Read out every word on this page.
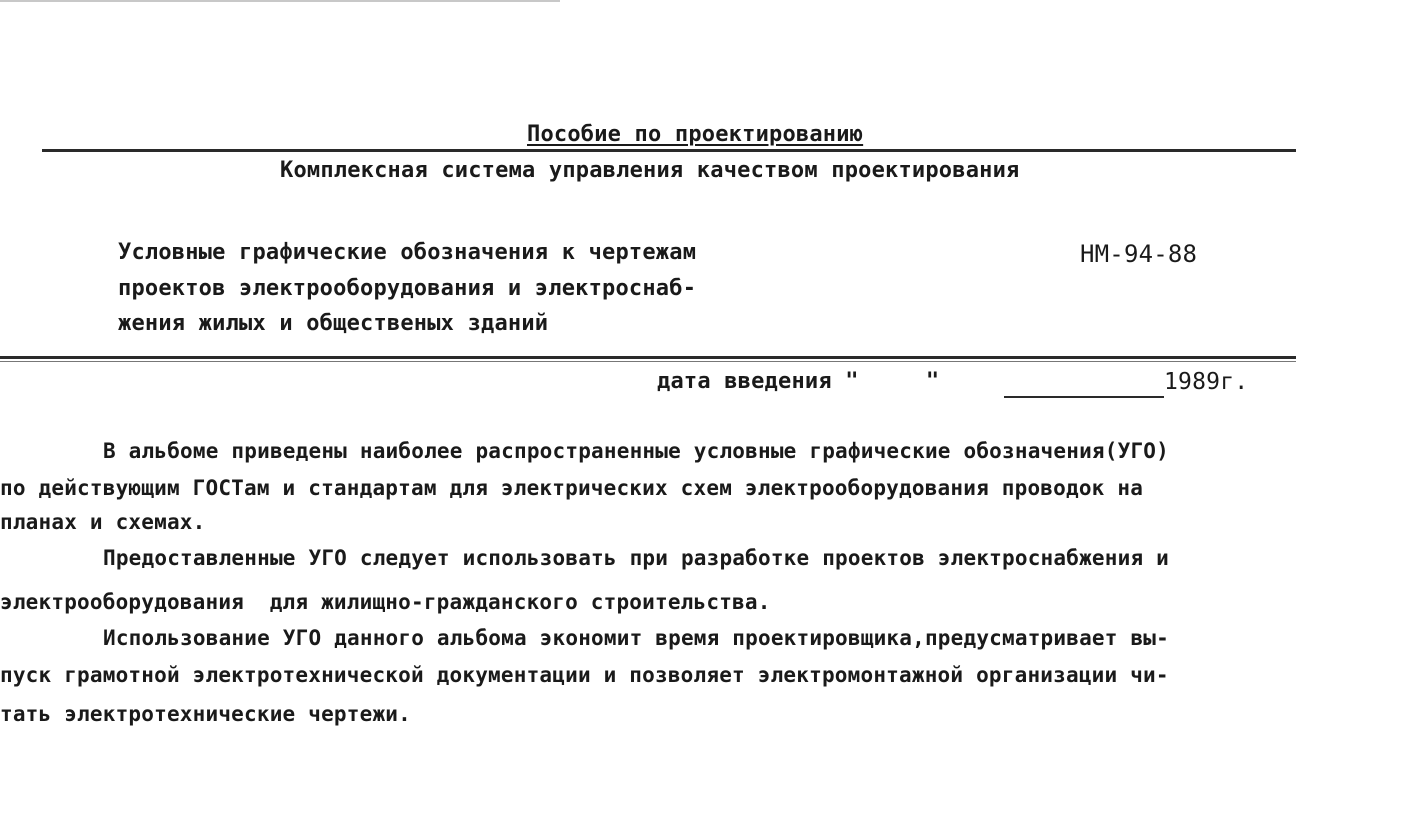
Пособие по проектированию
Комплексная система управления качеством проектирования
Условные графические обозначения к чертежам
проектов электрооборудования и электроснаб-
жения жилых и общественых зданий
НМ-94-88
дата введения "     "	1989г.
В альбоме приведены наиболее распространенные условные графические обозначения(УГО)
по действующим ГОСТам и стандартам для электрических схем электрооборудования проводок на
планах и схемах.
Предоставленные УГО следует использовать при разработке проектов электроснабжения и
электрооборудования  для жилищно-гражданского строительства.
Использование УГО данного альбома экономит время проектировщика,предусматривает вы-
пуск грамотной электротехнической документации и позволяет электромонтажной организации чи-
тать электротехнические чертежи.
